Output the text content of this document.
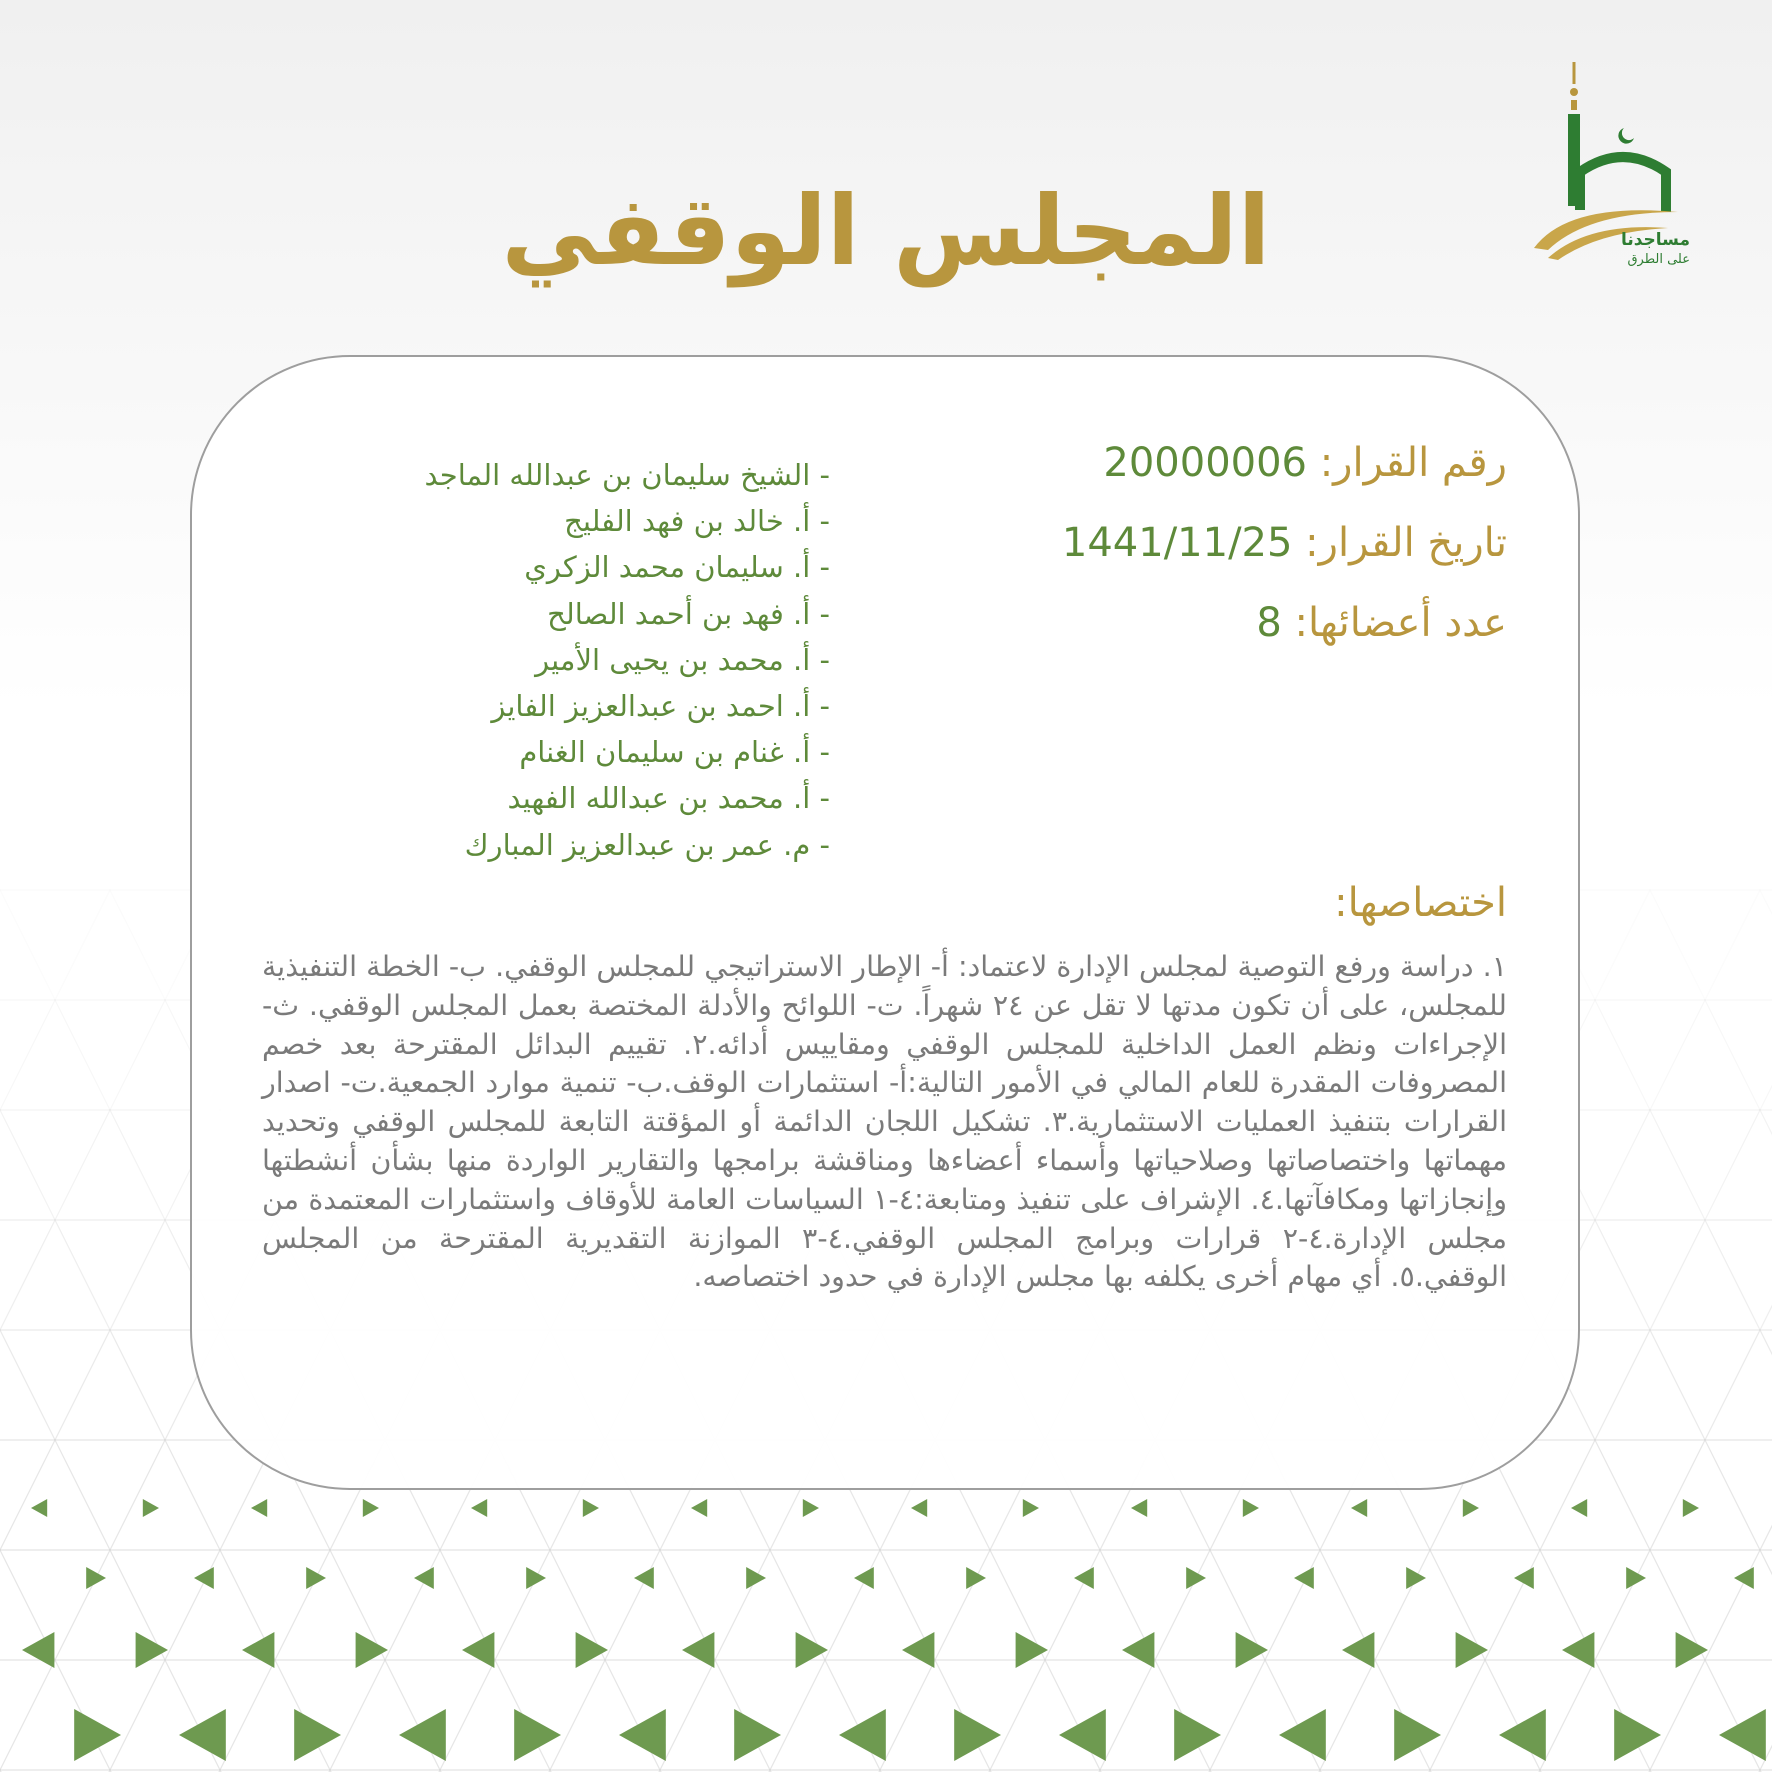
مساجدنا
على الطرق
المجلس الوقفي
رقم القرار: 20000006
تاريخ القرار: 1441/11/25
عدد أعضائها: 8
- الشيخ سليمان بن عبدالله الماجد
- أ. خالد بن فهد الفليج
- أ. سليمان محمد الزكري
- أ. فهد بن أحمد الصالح
- أ. محمد بن يحيى الأمير
- أ. احمد بن عبدالعزيز الفايز
- أ. غنام بن سليمان الغنام
- أ. محمد بن عبدالله الفهيد
- م. عمر بن عبدالعزيز المبارك
اختصاصها:

١. دراسة ورفع التوصية لمجلس الإدارة لاعتماد: أ- الإطار الاستراتيجي للمجلس الوقفي. ب- الخطة التنفيذية للمجلس، على أن تكون مدتها لا تقل عن ٢٤ شهراً. ت- اللوائح والأدلة المختصة بعمل المجلس الوقفي. ث- الإجراءات ونظم العمل الداخلية للمجلس الوقفي ومقاييس أدائه.٢. تقييم البدائل المقترحة بعد خصم المصروفات المقدرة للعام المالي في الأمور التالية:أ- استثمارات الوقف.ب- تنمية موارد الجمعية.ت- اصدار القرارات بتنفيذ العمليات الاستثمارية.٣. تشكيل اللجان الدائمة أو المؤقتة التابعة للمجلس الوقفي وتحديد مهماتها واختصاصاتها وصلاحياتها وأسماء أعضاءها ومناقشة برامجها والتقارير الواردة منها بشأن أنشطتها وإنجازاتها ومكافآتها.٤. الإشراف على تنفيذ ومتابعة:٤-١ السياسات العامة للأوقاف واستثمارات المعتمدة من مجلس الإدارة.٤-٢ قرارات وبرامج المجلس الوقفي.٤-٣ الموازنة التقديرية المقترحة من المجلس الوقفي.٥. أي مهام أخرى يكلفه بها مجلس الإدارة في حدود اختصاصه.
